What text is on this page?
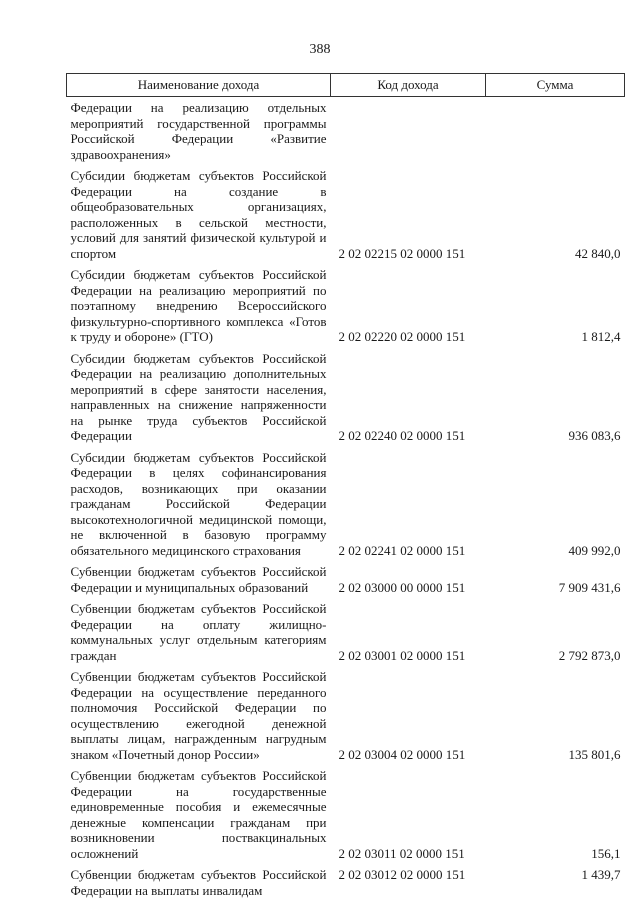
388
Наименование дохода	Код дохода	Сумма
Федерации на реализацию отдельных мероприятий государственной программы Российской Федерации «Развитие здравоохранения»		
Субсидии бюджетам субъектов Российской Федерации на создание в общеобразовательных организациях, расположенных в сельской местности, условий для занятий физической культурой и спортом	2 02 02215 02 0000 151	42 840,0
Субсидии бюджетам субъектов Российской Федерации на реализацию мероприятий по поэтапному внедрению Всероссийского физкультурно-спортивного комплекса «Готов к труду и обороне» (ГТО)	2 02 02220 02 0000 151	1 812,4
Субсидии бюджетам субъектов Российской Федерации на реализацию дополнительных мероприятий в сфере занятости населения, направленных на снижение напряженности на рынке труда субъектов Российской Федерации	2 02 02240 02 0000 151	936 083,6
Субсидии бюджетам субъектов Российской Федерации в целях софинансирования расходов, возникающих при оказании гражданам Российской Федерации высокотехнологичной медицинской помощи, не включенной в базовую программу обязательного медицинского страхования	2 02 02241 02 0000 151	409 992,0
Субвенции бюджетам субъектов Российской Федерации и муниципальных образований	2 02 03000 00 0000 151	7 909 431,6
Субвенции бюджетам субъектов Российской Федерации на оплату жилищно-коммунальных услуг отдельным категориям граждан	2 02 03001 02 0000 151	2 792 873,0
Субвенции бюджетам субъектов Российской Федерации на осуществление переданного полномочия Российской Федерации по осуществлению ежегодной денежной выплаты лицам, награжденным нагрудным знаком «Почетный донор России»	2 02 03004 02 0000 151	135 801,6
Субвенции бюджетам субъектов Российской Федерации на государственные единовременные пособия и ежемесячные денежные компенсации гражданам при возникновении поствакцинальных осложнений	2 02 03011 02 0000 151	156,1
Субвенции бюджетам субъектов Российской Федерации на выплаты инвалидам	2 02 03012 02 0000 151	1 439,7
